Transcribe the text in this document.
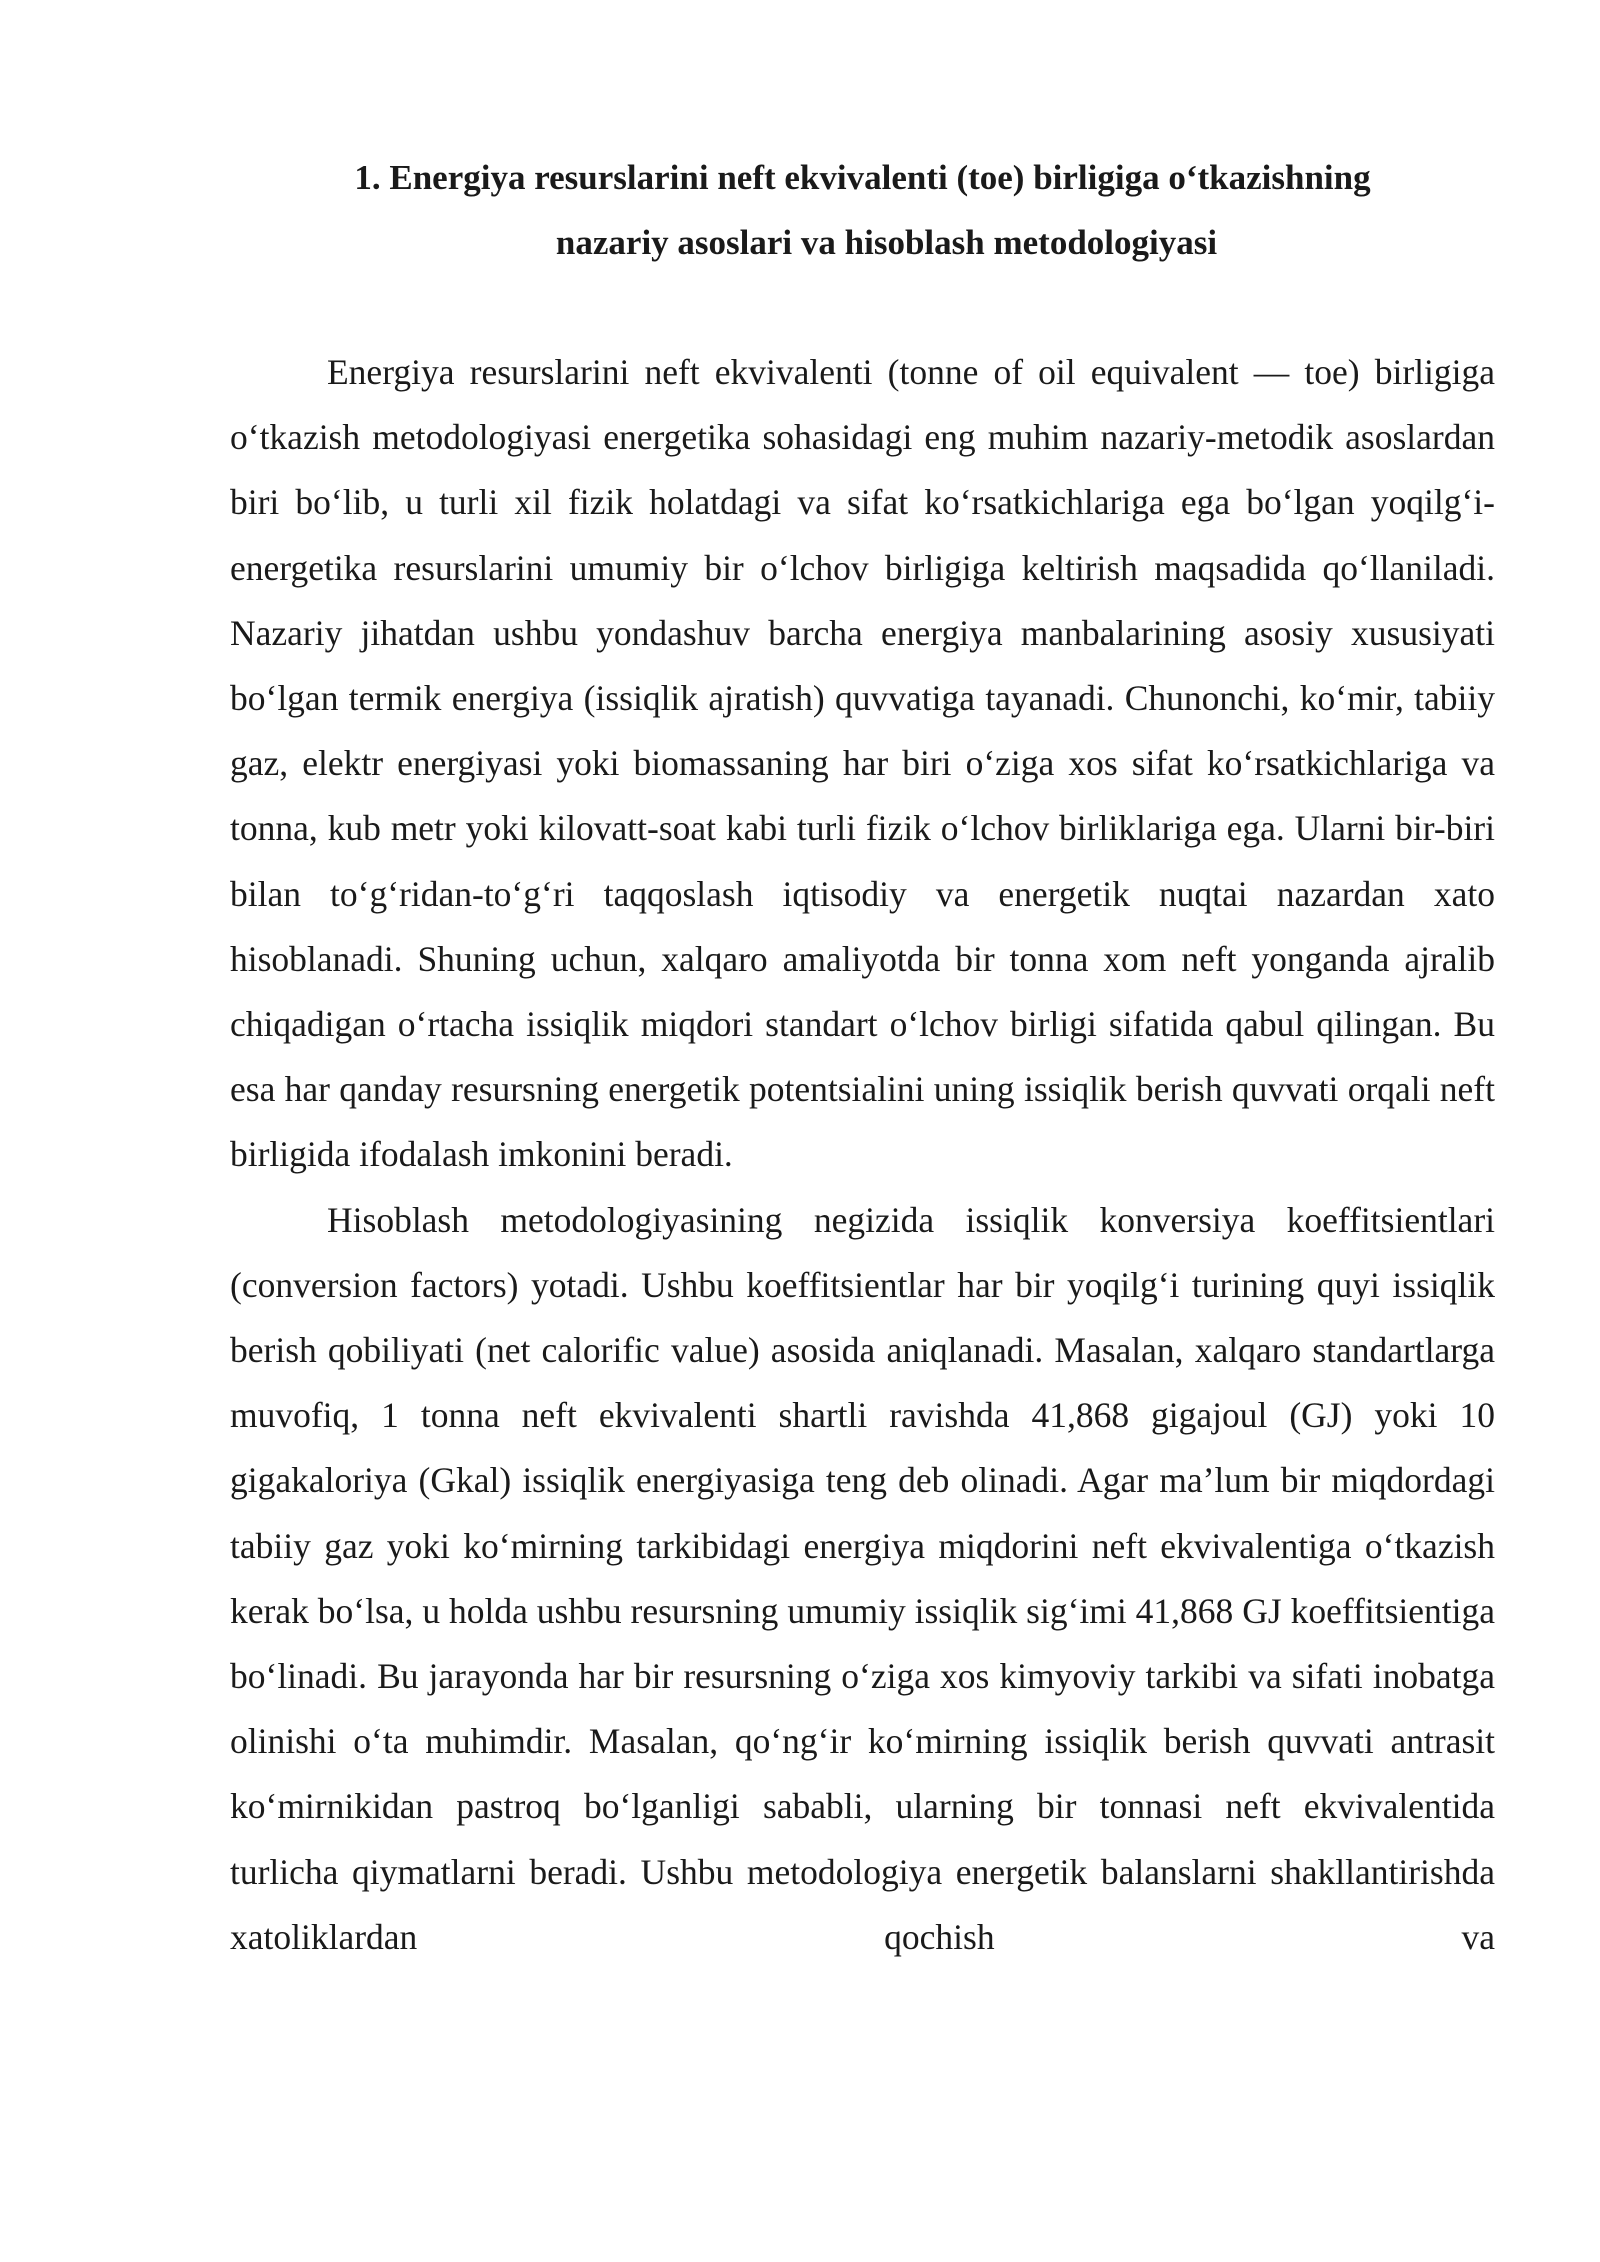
1. Energiya resurslarini neft ekvivalenti (toe) birligiga o‘tkazishning
nazariy asoslari va hisoblash metodologiyasi

Energiya resurslarini neft ekvivalenti (tonne of oil equivalent — toe) birligiga o‘tkazish metodologiyasi energetika sohasidagi eng muhim nazariy-metodik asoslardan biri bo‘lib, u turli xil fizik holatdagi va sifat ko‘rsatkichlariga ega bo‘lgan yoqilg‘i-energetika resurslarini umumiy bir o‘lchov birligiga keltirish maqsadida qo‘llaniladi. Nazariy jihatdan ushbu yondashuv barcha energiya manbalarining asosiy xususiyati bo‘lgan termik energiya (issiqlik ajratish) quvvatiga tayanadi. Chunonchi, ko‘mir, tabiiy gaz, elektr energiyasi yoki biomassaning har biri o‘ziga xos sifat ko‘rsatkichlariga va tonna, kub metr yoki kilovatt-soat kabi turli fizik o‘lchov birliklariga ega. Ularni bir-biri bilan to‘g‘ridan-to‘g‘ri taqqoslash iqtisodiy va energetik nuqtai nazardan xato hisoblanadi. Shuning uchun, xalqaro amaliyotda bir tonna xom neft yonganda ajralib chiqadigan o‘rtacha issiqlik miqdori standart o‘lchov birligi sifatida qabul qilingan. Bu esa har qanday resursning energetik potentsialini uning issiqlik berish quvvati orqali neft birligida ifodalash imkonini beradi.

Hisoblash metodologiyasining negizida issiqlik konversiya koeffitsientlari (conversion factors) yotadi. Ushbu koeffitsientlar har bir yoqilg‘i turining quyi issiqlik berish qobiliyati (net calorific value) asosida aniqlanadi. Masalan, xalqaro standartlarga muvofiq, 1 tonna neft ekvivalenti shartli ravishda 41,868 gigajoul (GJ) yoki 10 gigakaloriya (Gkal) issiqlik energiyasiga teng deb olinadi. Agar ma’lum bir miqdordagi tabiiy gaz yoki ko‘mirning tarkibidagi energiya miqdorini neft ekvivalentiga o‘tkazish kerak bo‘lsa, u holda ushbu resursning umumiy issiqlik sig‘imi 41,868 GJ koeffitsientiga bo‘linadi. Bu jarayonda har bir resursning o‘ziga xos kimyoviy tarkibi va sifati inobatga olinishi o‘ta muhimdir. Masalan, qo‘ng‘ir ko‘mirning issiqlik berish quvvati antrasit ko‘mirnikidan pastroq bo‘lganligi sababli, ularning bir tonnasi neft ekvivalentida turlicha qiymatlarni beradi. Ushbu metodologiya energetik balanslarni shakllantirishda xatoliklardan qochish va
